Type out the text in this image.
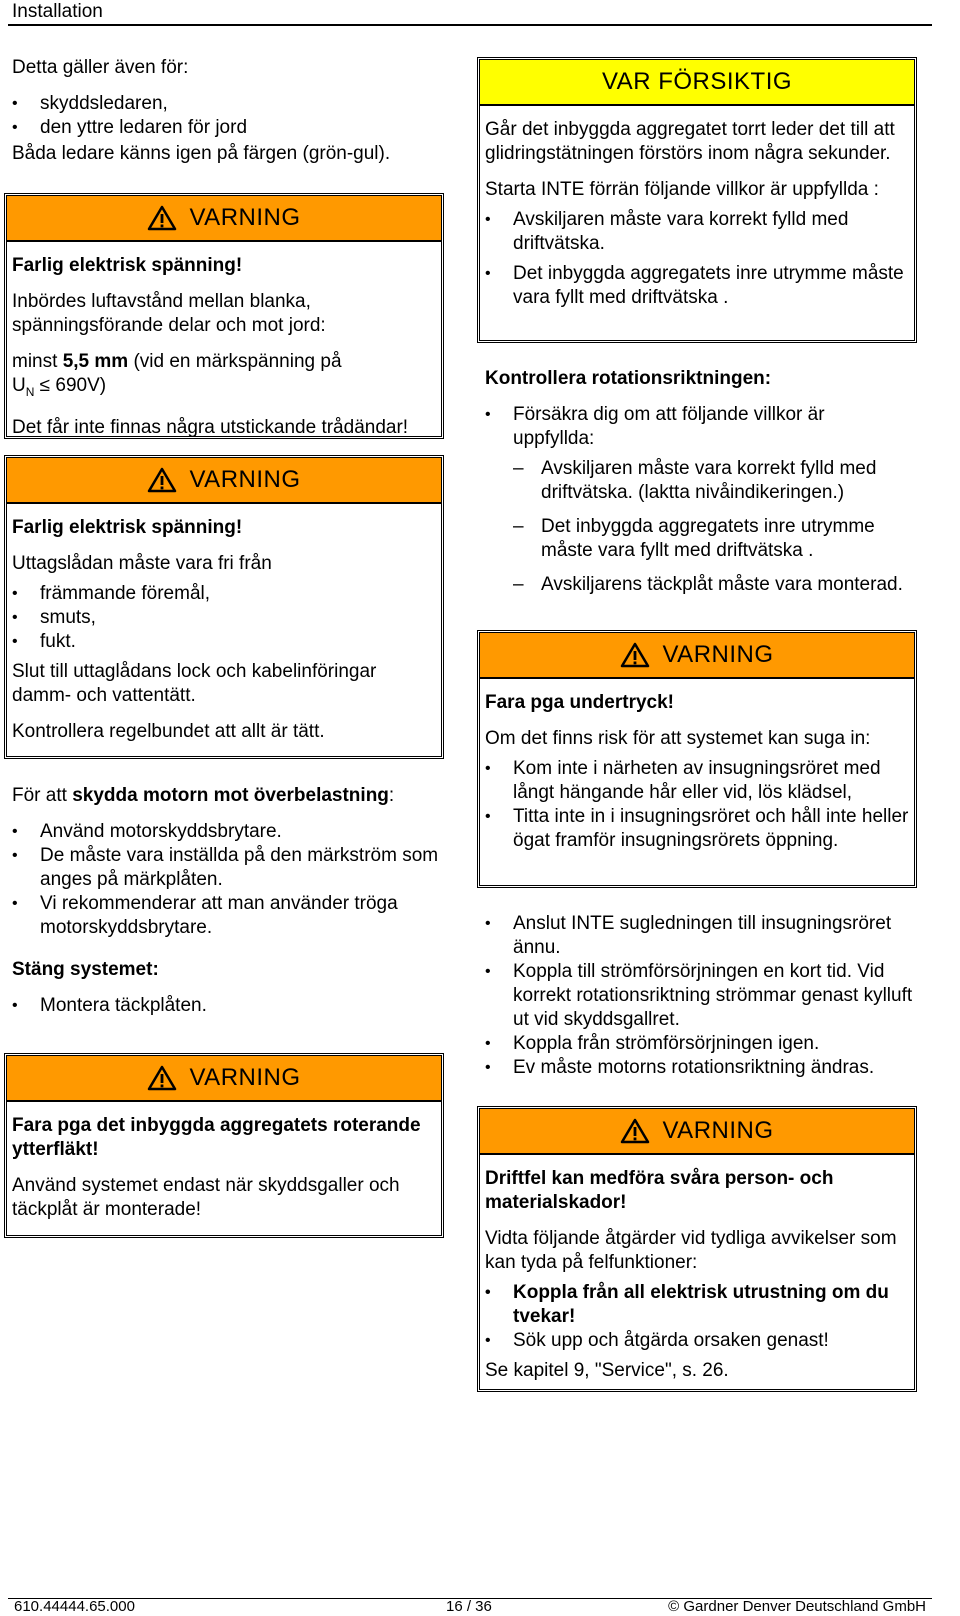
Installation

Detta gäller även för:

• skyddsledaren,
• den yttre ledaren för jord

Båda ledare känns igen på färgen (grön-gul).

VARNING

Farlig elektrisk spänning!

Inbördes luftavstånd mellan blanka, spänningsförande delar och mot jord:

minst 5,5 mm (vid en märkspänning på
$U_N \le 690V$)

Det får inte finnas några utstickande trådändar!

VARNING

Farlig elektrisk spänning!

Uttagslådan måste vara fri från

• främmande föremål,
• smuts,
• fukt.

Slut till uttaglådans lock och kabelinföringar damm- och vattentätt.

Kontrollera regelbundet att allt är tätt.

För att skydda motorn mot överbelastning:

• Använd motorskyddsbrytare.
• De måste vara inställda på den märkström som anges på märkplåten.
• Vi rekommenderar att man använder tröga motorskyddsbrytare.

Stäng systemet:

• Montera täckplåten.
VARNING

Fara pga det inbyggda aggregatets roterande ytterfläkt!

Använd systemet endast när skyddsgaller och täckplåt är monterade!

VAR FÖRSIKTIG

Går det inbyggda aggregatet torrt leder det till att glidringstätningen förstörs inom några sekunder.

Starta INTE förrän följande villkor är uppfyllda :

• Avskiljaren måste vara korrekt fylld med driftvätska.
• Det inbyggda aggregatets inre utrymme måste vara fyllt med driftvätska .

Kontrollera rotationsriktningen:

• Försäkra dig om att följande villkor är uppfyllda:
– Avskiljaren måste vara korrekt fylld med driftvätska. (laktta nivåindikeringen.)
– Det inbyggda aggregatets inre utrymme måste vara fyllt med driftvätska .
– Avskiljarens täckplåt måste vara monterad.
VARNING

Fara pga undertryck!

Om det finns risk för att systemet kan suga in:

• Kom inte i närheten av insugningsröret med långt hängande hår eller vid, lös klädsel,
• Titta inte in i insugningsröret och håll inte heller ögat framför insugningsrörets öppning.
• Anslut INTE sugledningen till insugningsröret ännu.
• Koppla till strömförsörjningen en kort tid. Vid korrekt rotationsriktning strömmar genast kylluft ut vid skyddsgallret.
• Koppla från strömförsörjningen igen.
• Ev måste motorns rotationsriktning ändras.
VARNING

Driftfel kan medföra svåra person- och materialskador!

Vidta följande åtgärder vid tydliga avvikelser som kan tyda på felfunktioner:

• Koppla från all elektrisk utrustning om du tvekar!
• Sök upp och åtgärda orsaken genast!

Se kapitel 9, "Service", s. 26.

610.44444.65.000	16 / 36	© Gardner Denver Deutschland GmbH
